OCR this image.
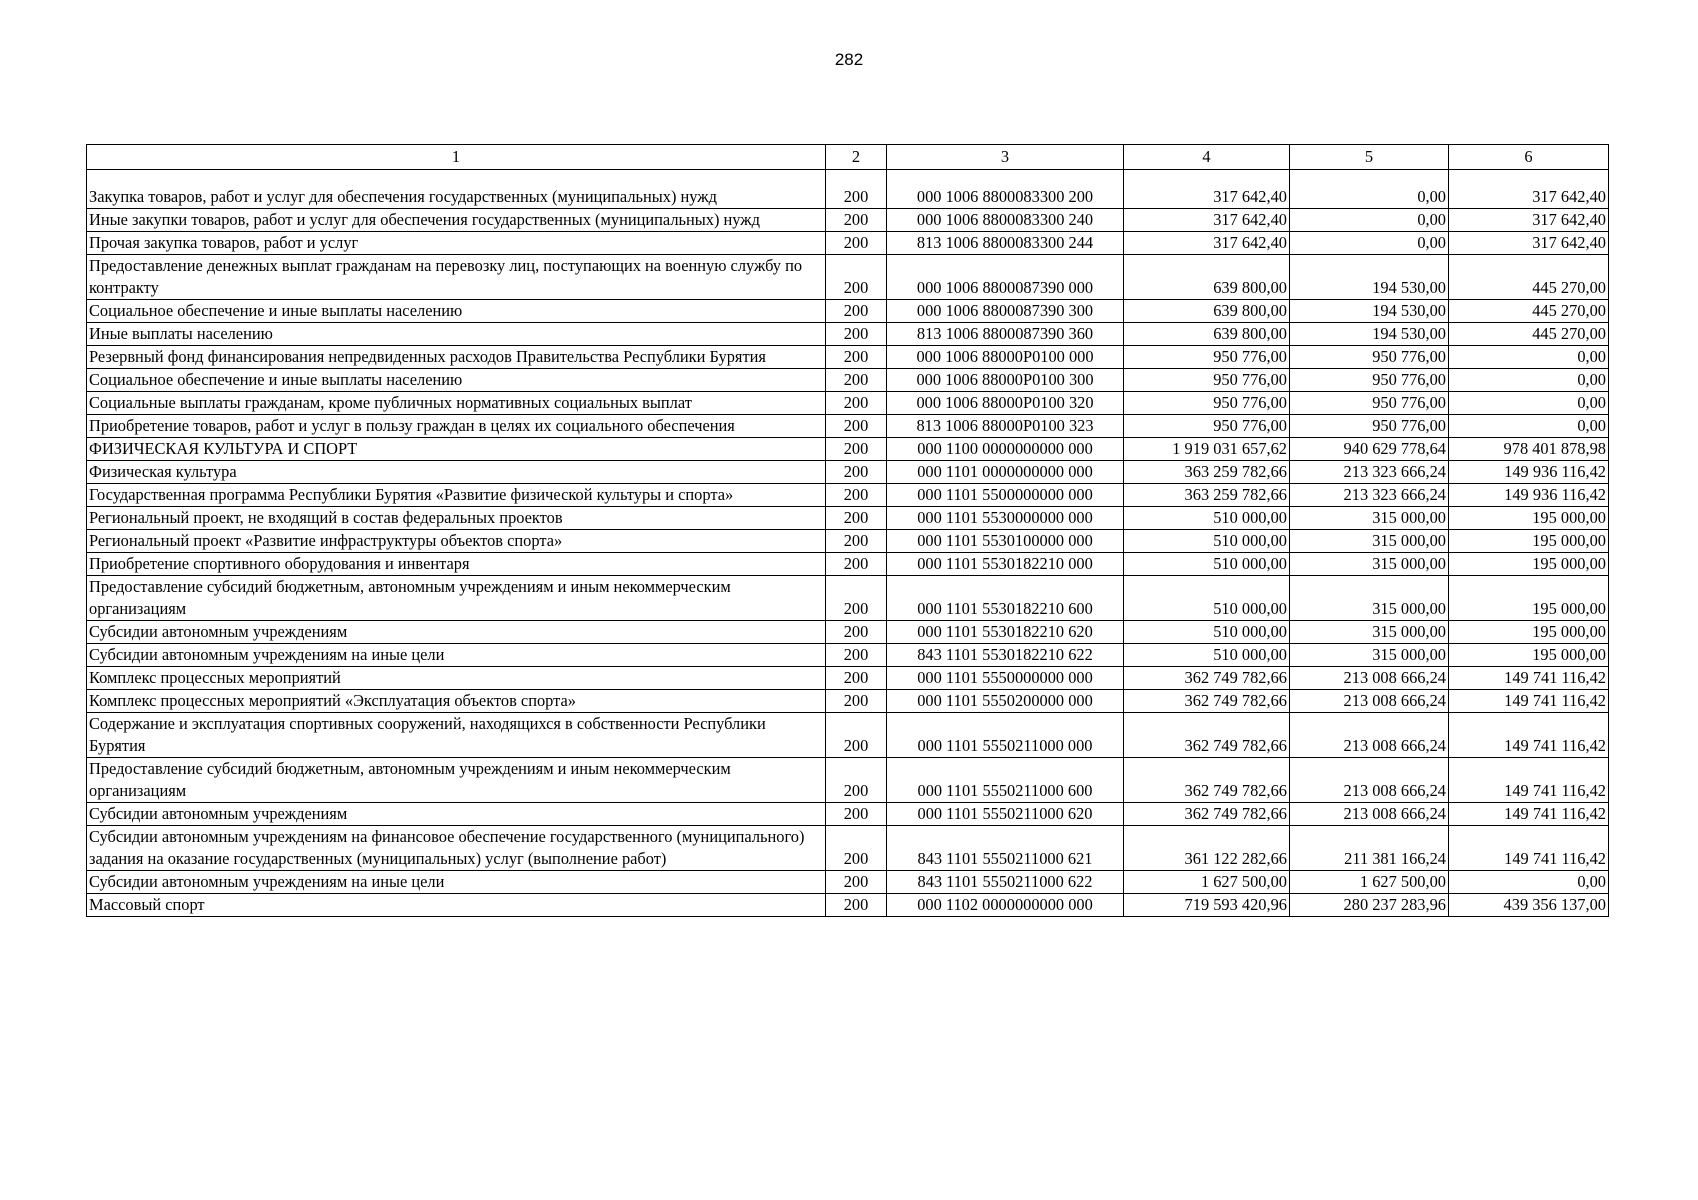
282
1	2	3	4	5	6

Закупка товаров, работ и услуг для обеспечения государственных (муниципальных) нужд	200	000 1006 8800083300 200	317 642,40	0,00	317 642,40
Иные закупки товаров, работ и услуг для обеспечения государственных (муниципальных) нужд	200	000 1006 8800083300 240	317 642,40	0,00	317 642,40
Прочая закупка товаров, работ и услуг	200	813 1006 8800083300 244	317 642,40	0,00	317 642,40
Предоставление денежных выплат гражданам на перевозку лиц, поступающих на военную службу по контракту	200	000 1006 8800087390 000	639 800,00	194 530,00	445 270,00
Социальное обеспечение и иные выплаты населению	200	000 1006 8800087390 300	639 800,00	194 530,00	445 270,00
Иные выплаты населению	200	813 1006 8800087390 360	639 800,00	194 530,00	445 270,00
Резервный фонд финансирования непредвиденных расходов Правительства Республики Бурятия	200	000 1006 88000P0100 000	950 776,00	950 776,00	0,00
Социальное обеспечение и иные выплаты населению	200	000 1006 88000P0100 300	950 776,00	950 776,00	0,00
Социальные выплаты гражданам, кроме публичных нормативных социальных выплат	200	000 1006 88000P0100 320	950 776,00	950 776,00	0,00
Приобретение товаров, работ и услуг в пользу граждан в целях их социального обеспечения	200	813 1006 88000P0100 323	950 776,00	950 776,00	0,00
ФИЗИЧЕСКАЯ КУЛЬТУРА И СПОРТ	200	000 1100 0000000000 000	1 919 031 657,62	940 629 778,64	978 401 878,98
Физическая культура	200	000 1101 0000000000 000	363 259 782,66	213 323 666,24	149 936 116,42
Государственная программа Республики Бурятия «Развитие физической культуры и спорта»	200	000 1101 5500000000 000	363 259 782,66	213 323 666,24	149 936 116,42
Региональный проект, не входящий в состав федеральных проектов	200	000 1101 5530000000 000	510 000,00	315 000,00	195 000,00
Региональный проект «Развитие инфраструктуры объектов спорта»	200	000 1101 5530100000 000	510 000,00	315 000,00	195 000,00
Приобретение спортивного оборудования и инвентаря	200	000 1101 5530182210 000	510 000,00	315 000,00	195 000,00
Предоставление субсидий бюджетным, автономным учреждениям и иным некоммерческим организациям	200	000 1101 5530182210 600	510 000,00	315 000,00	195 000,00
Субсидии автономным учреждениям	200	000 1101 5530182210 620	510 000,00	315 000,00	195 000,00
Субсидии автономным учреждениям на иные цели	200	843 1101 5530182210 622	510 000,00	315 000,00	195 000,00
Комплекс процессных мероприятий	200	000 1101 5550000000 000	362 749 782,66	213 008 666,24	149 741 116,42
Комплекс процессных мероприятий «Эксплуатация объектов спорта»	200	000 1101 5550200000 000	362 749 782,66	213 008 666,24	149 741 116,42
Содержание и эксплуатация спортивных сооружений, находящихся в собственности Республики Бурятия	200	000 1101 5550211000 000	362 749 782,66	213 008 666,24	149 741 116,42
Предоставление субсидий бюджетным, автономным учреждениям и иным некоммерческим организациям	200	000 1101 5550211000 600	362 749 782,66	213 008 666,24	149 741 116,42
Субсидии автономным учреждениям	200	000 1101 5550211000 620	362 749 782,66	213 008 666,24	149 741 116,42
Субсидии автономным учреждениям на финансовое обеспечение государственного (муниципального) задания на оказание государственных (муниципальных) услуг (выполнение работ)	200	843 1101 5550211000 621	361 122 282,66	211 381 166,24	149 741 116,42
Субсидии автономным учреждениям на иные цели	200	843 1101 5550211000 622	1 627 500,00	1 627 500,00	0,00
Массовый спорт	200	000 1102 0000000000 000	719 593 420,96	280 237 283,96	439 356 137,00
